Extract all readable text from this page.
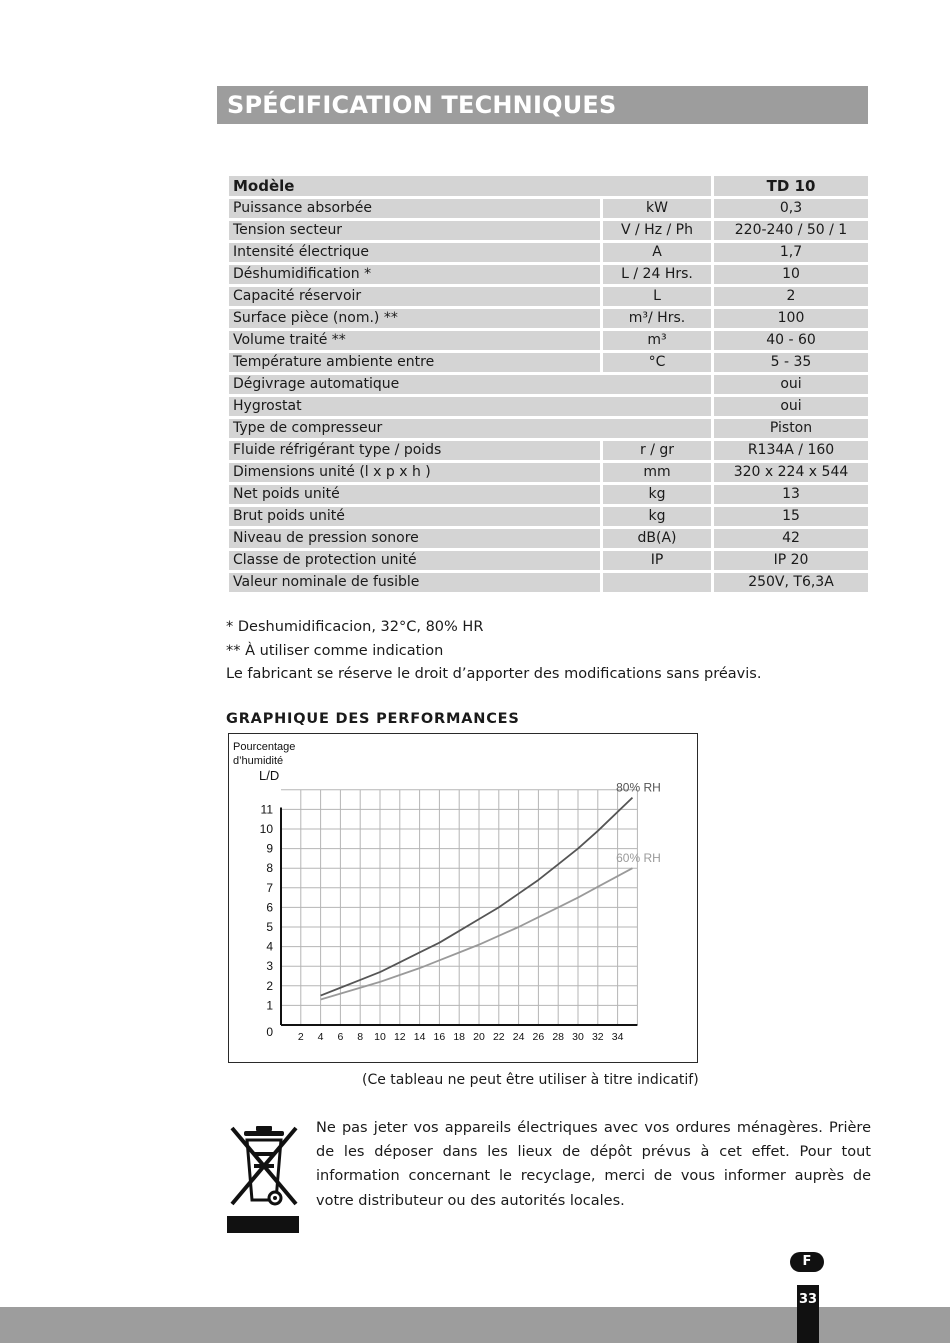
SPÉCIFICATION TECHNIQUES
Modèle		TD 10
Puissance absorbée	kW	0,3
Tension secteur	V / Hz / Ph	220-240 / 50 / 1
Intensité électrique	A	1,7
Déshumidification *	L / 24 Hrs.	10
Capacité réservoir	L	2
Surface pièce (nom.) **	m³/ Hrs.	100
Volume traité **	m³	40 - 60
Température ambiente entre	°C	5 - 35
Dégivrage automatique		oui
Hygrostat		oui
Type de compresseur		Piston
Fluide réfrigérant type / poids	r / gr	R134A / 160
Dimensions unité (l x p x h )	mm	320 x 224 x 544
Net poids unité	kg	13
Brut poids unité	kg	15
Niveau de pression sonore	dB(A)	42
Classe de protection unité	IP	IP 20
Valeur nominale de fusible		250V, T6,3A
* Deshumidificacion, 32°C, 80% HR
** À utiliser comme indication
Le fabricant se réserve le droit d’apporter des modifications sans préavis.
GRAPHIQUE DES PERFORMANCES
2 4 6 8 10 12 14 16 18 20 22 24 26 28 30 32 34
1
2
3
4
5
6
7
8
9
10
11
0
Pourcentage
d’humidité
L/D
80% RH
60% RH
(Ce tableau ne peut être utiliser à titre indicatif)
Ne pas jeter vos appareils électriques avec vos ordures ménagères. Prière de les déposer dans les lieux de dépôt prévus à cet effet. Pour tout information concernant le recyclage, merci de vous informer auprès de votre distributeur ou des autorités locales.
F
33
